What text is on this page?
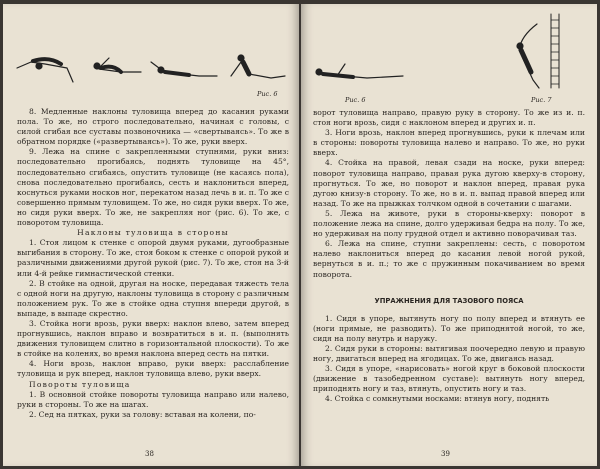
Рис. 6

8. Медленные наклоны туловища вперед до касания руками пола. То же, но строго последовательно, начиная с головы, с силой сгибая все суставы позвоночника — «свертываясь». То же в обратном порядке («развертываясь»). То же, руки вверх.

9. Лежа на спине с закрепленными ступнями, руки вниз: последовательно прогибаясь, поднять туловище на 45°, последовательно сгибаясь, опустить туловище (не касаясь пола), снова последовательно прогибаясь, сесть и наклониться вперед, коснуться руками носков ног, перекатом назад лечь в и. п. То же с совершенно прямым туловищем. То же, но сидя руки вверх. То же, но сидя руки вверх. То же, не закрепляя ног (рис. 6). То же, с поворотом туловища.

Наклоны туловища в стороны

1. Стоя лицом к стенке с опорой двумя руками, дугообразные выгибания в сторону. То же, стоя боком к стенке с опорой рукой и различными движениями другой рукой (рис. 7). То же, стоя на 3-й или 4-й рейке гимнастической стенки.

2. В стойке на одной, другая на носке, передавая тяжесть тела с одной ноги на другую, наклоны туловища в сторону с различным положением рук. То же в стойке одна ступня впереди другой, в выпаде, в выпаде скрестно.

3. Стойка ноги врозь, руки вверх: наклон влево, затем вперед прогнувшись, наклон вправо и возвратиться в и. п. (выполнять движения туловищем слитно в горизонтальной плоскости). То же в стойке на коленях, во время наклона вперед сесть на пятки.

4. Ноги врозь, наклон вправо, руки вверх: расслабление туловища и рук вперед, наклон туловища влево, руки вверх.

Повороты туловища

1. В основной стойке повороты туловища направо или налево, руки в стороны. То же на шагах.

2. Сед на пятках, руки за голову: вставая на колени, по-

38
Рис. 6	Рис. 7

ворот туловища направо, правую руку в сторону. То же из и. п. стоя ноги врозь, сидя с наклоном вперед и других и. п.

3. Ноги врозь, наклон вперед прогнувшись, руки к плечам или в стороны: повороты туловища налево и направо. То же, но руки вверх.

4. Стойка на правой, левая сзади на носке, руки вперед: поворот туловища направо, правая рука дугою кверху-в сторону, прогнуться. То же, но поворот и наклон вперед, правая рука дугою книзу-в сторону. То же, но в и. п. выпад правой вперед или назад. То же на прыжках толчком одной в сочетании с шагами.

5. Лежа на животе, руки в стороны-кверху: поворот в положение лежа на спине, долго удерживая бедра на полу. То же, но удерживая на полу грудной отдел и активно поворачивая таз.

6. Лежа на спине, ступни закреплены: сесть, с поворотом налево наклониться вперед до касания левой ногой рукой, вернуться в и. п.; то же с пружинным покачиванием во время поворота.

УПРАЖНЕНИЯ ДЛЯ ТАЗОВОГО ПОЯСА

1. Сидя в упоре, вытянуть ногу по полу вперед и втянуть ее (ноги прямые, не разводить). То же приподнятой ногой, то же, сидя на полу внутрь и наружу.

2. Сидя руки в стороны: вытягивая поочередно левую и правую ногу, двигаться вперед на ягодицах. То же, двигаясь назад.

3. Сидя в упоре, «нарисовать» ногой круг в боковой плоскости (движение в тазобедренном суставе): вытянуть ногу вперед, приподнять ногу и таз, втянуть, опустить ногу и таз.

4. Стойка с сомкнутыми носками: втянув ногу, поднять

39
